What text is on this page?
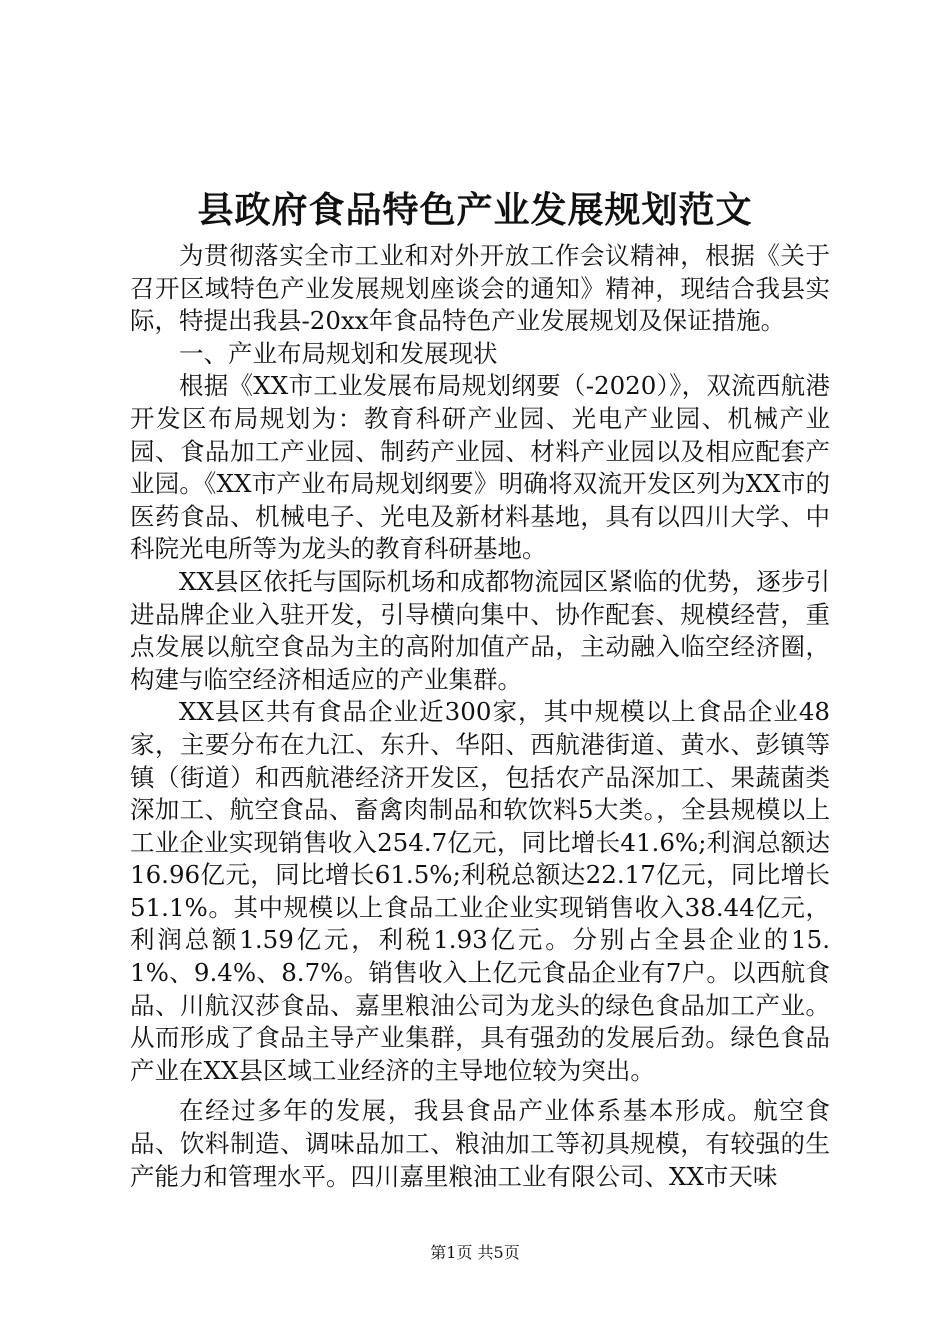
县政府食品特色产业发展规划范文

为贯彻落实全市工业和对外开放工作会议精神，根据《关于召开区域特色产业发展规划座谈会的通知》精神，现结合我县实际，特提出我县-20xx年食品特色产业发展规划及保证措施。

一、产业布局规划和发展现状

根据《XX市工业发展布局规划纲要（-2020）》，双流西航港开发区布局规划为：教育科研产业园、光电产业园、机械产业园、食品加工产业园、制药产业园、材料产业园以及相应配套产业园。《XX市产业布局规划纲要》明确将双流开发区列为XX市的医药食品、机械电子、光电及新材料基地，具有以四川大学、中科院光电所等为龙头的教育科研基地。

XX县区依托与国际机场和成都物流园区紧临的优势，逐步引进品牌企业入驻开发，引导横向集中、协作配套、规模经营，重点发展以航空食品为主的高附加值产品，主动融入临空经济圈，构建与临空经济相适应的产业集群。

XX县区共有食品企业近300家，其中规模以上食品企业48家，主要分布在九江、东升、华阳、西航港街道、黄水、彭镇等镇（街道）和西航港经济开发区，包括农产品深加工、果蔬菌类深加工、航空食品、畜禽肉制品和软饮料5大类。，全县规模以上工业企业实现销售收入254.7亿元，同比增长41.6%;利润总额达16.96亿元，同比增长61.5%;利税总额达22.17亿元，同比增长51.1%。其中规模以上食品工业企业实现销售收入38.44亿元，利润总额1.59亿元，利税1.93亿元。分别占全县企业的15.1%、9.4%、8.7%。销售收入上亿元食品企业有7户。以西航食品、川航汉莎食品、嘉里粮油公司为龙头的绿色食品加工产业。从而形成了食品主导产业集群，具有强劲的发展后劲。绿色食品产业在XX县区域工业经济的主导地位较为突出。

在经过多年的发展，我县食品产业体系基本形成。航空食品、饮料制造、调味品加工、粮油加工等初具规模，有较强的生产能力和管理水平。四川嘉里粮油工业有限公司、XX市天味

第1页 共5页
